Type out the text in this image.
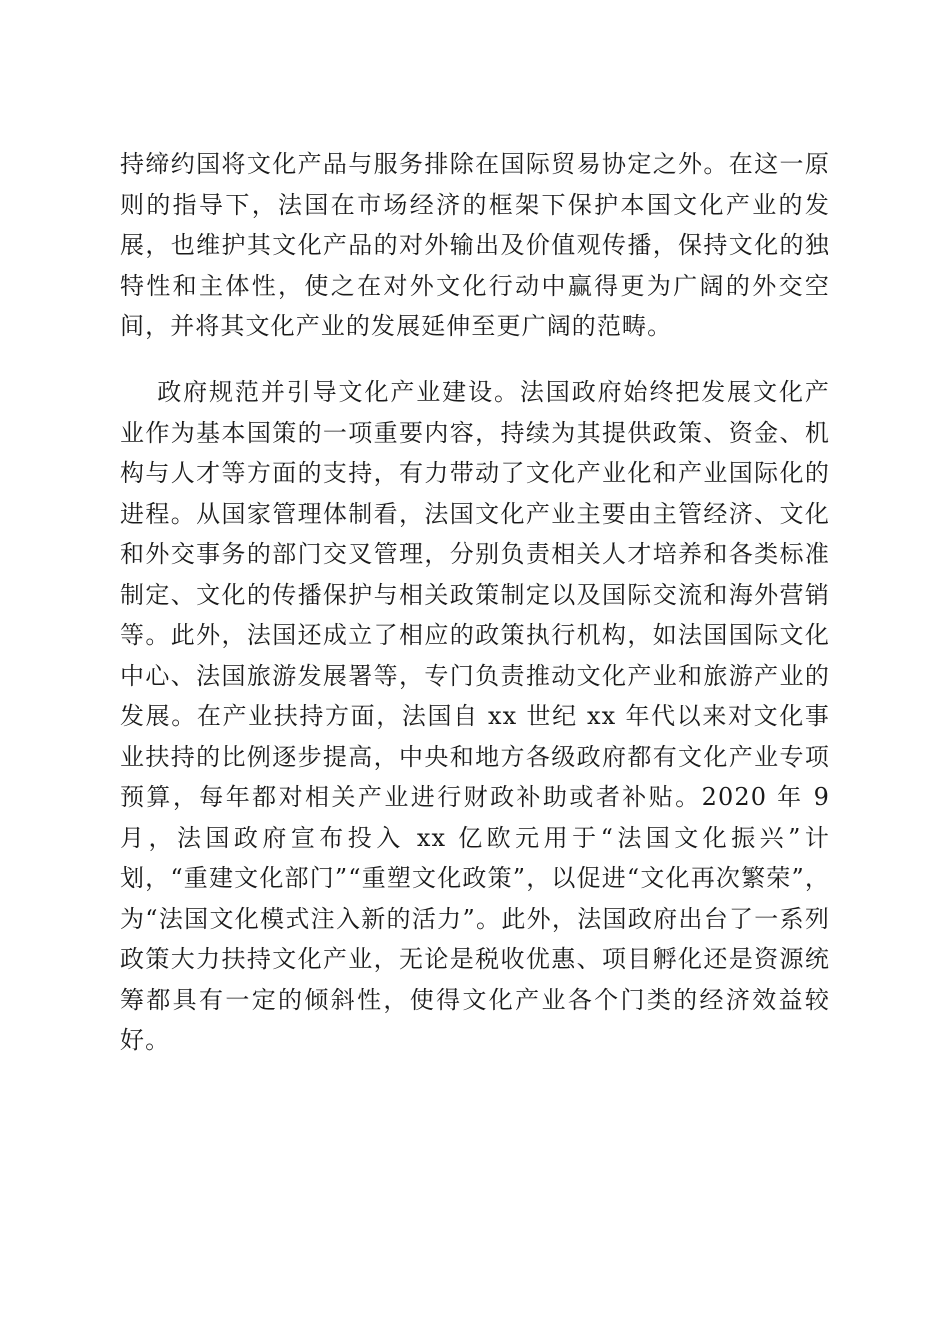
持缔约国将文化产品与服务排除在国际贸易协定之外。在这一原则的指导下，法国在市场经济的框架下保护本国文化产业的发展，也维护其文化产品的对外输出及价值观传播，保持文化的独特性和主体性，使之在对外文化行动中赢得更为广阔的外交空间，并将其文化产业的发展延伸至更广阔的范畴。

政府规范并引导文化产业建设。法国政府始终把发展文化产业作为基本国策的一项重要内容，持续为其提供政策、资金、机构与人才等方面的支持，有力带动了文化产业化和产业国际化的进程。从国家管理体制看，法国文化产业主要由主管经济、文化和外交事务的部门交叉管理，分别负责相关人才培养和各类标准制定、文化的传播保护与相关政策制定以及国际交流和海外营销等。此外，法国还成立了相应的政策执行机构，如法国国际文化中心、法国旅游发展署等，专门负责推动文化产业和旅游产业的发展。在产业扶持方面，法国自 xx 世纪 xx 年代以来对文化事业扶持的比例逐步提高，中央和地方各级政府都有文化产业专项预算，每年都对相关产业进行财政补助或者补贴。2020 年 9 月，法国政府宣布投入 xx 亿欧元用于“法国文化振兴”计划，“重建文化部门”“重塑文化政策”，以促进“文化再次繁荣”，为“法国文化模式注入新的活力”。此外，法国政府出台了一系列政策大力扶持文化产业，无论是税收优惠、项目孵化还是资源统筹都具有一定的倾斜性，使得文化产业各个门类的经济效益较好。
